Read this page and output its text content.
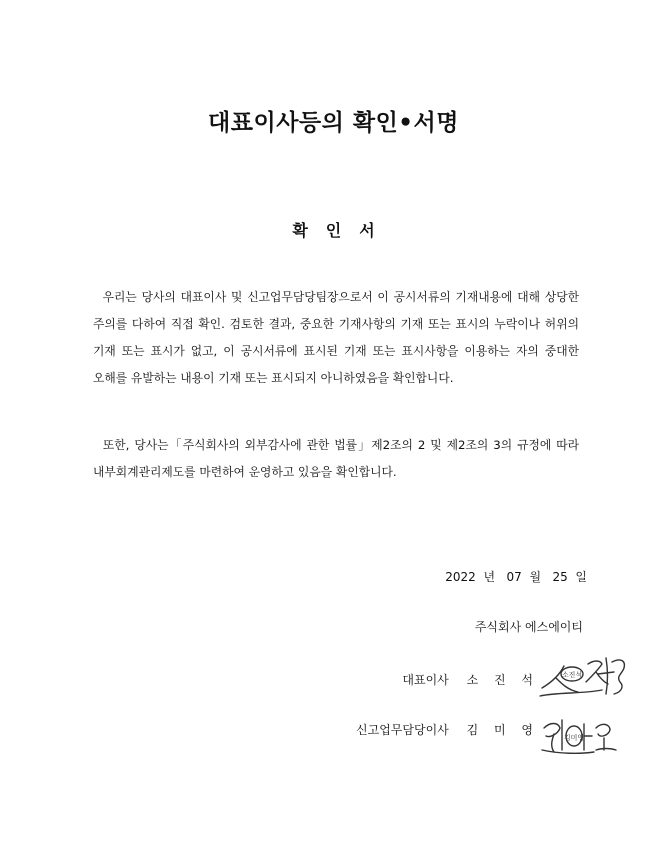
대표이사등의 확인•서명
확인서

우리는 당사의 대표이사 및 신고업무담당팀장으로서 이 공시서류의 기재내용에 대해 상당한 주의를 다하여 직접 확인. 검토한 결과, 중요한 기재사항의 기재 또는 표시의 누락이나 허위의 기재 또는 표시가 없고, 이 공시서류에 표시된 기재 또는 표시사항을 이용하는 자의 중대한 오해를 유발하는 내용이 기재 또는 표시되지 아니하였음을 확인합니다.

또한, 당사는「주식회사의 외부감사에 관한 법률」제2조의 2 및 제2조의 3의 규정에 따라 내부회계관리제도를 마련하여 운영하고 있음을 확인합니다.

2022 년 07 월 25 일
주식회사 에스에이티
대표이사 소 진 석	소진석
신고업무담당이사 김 미 영
김미영
